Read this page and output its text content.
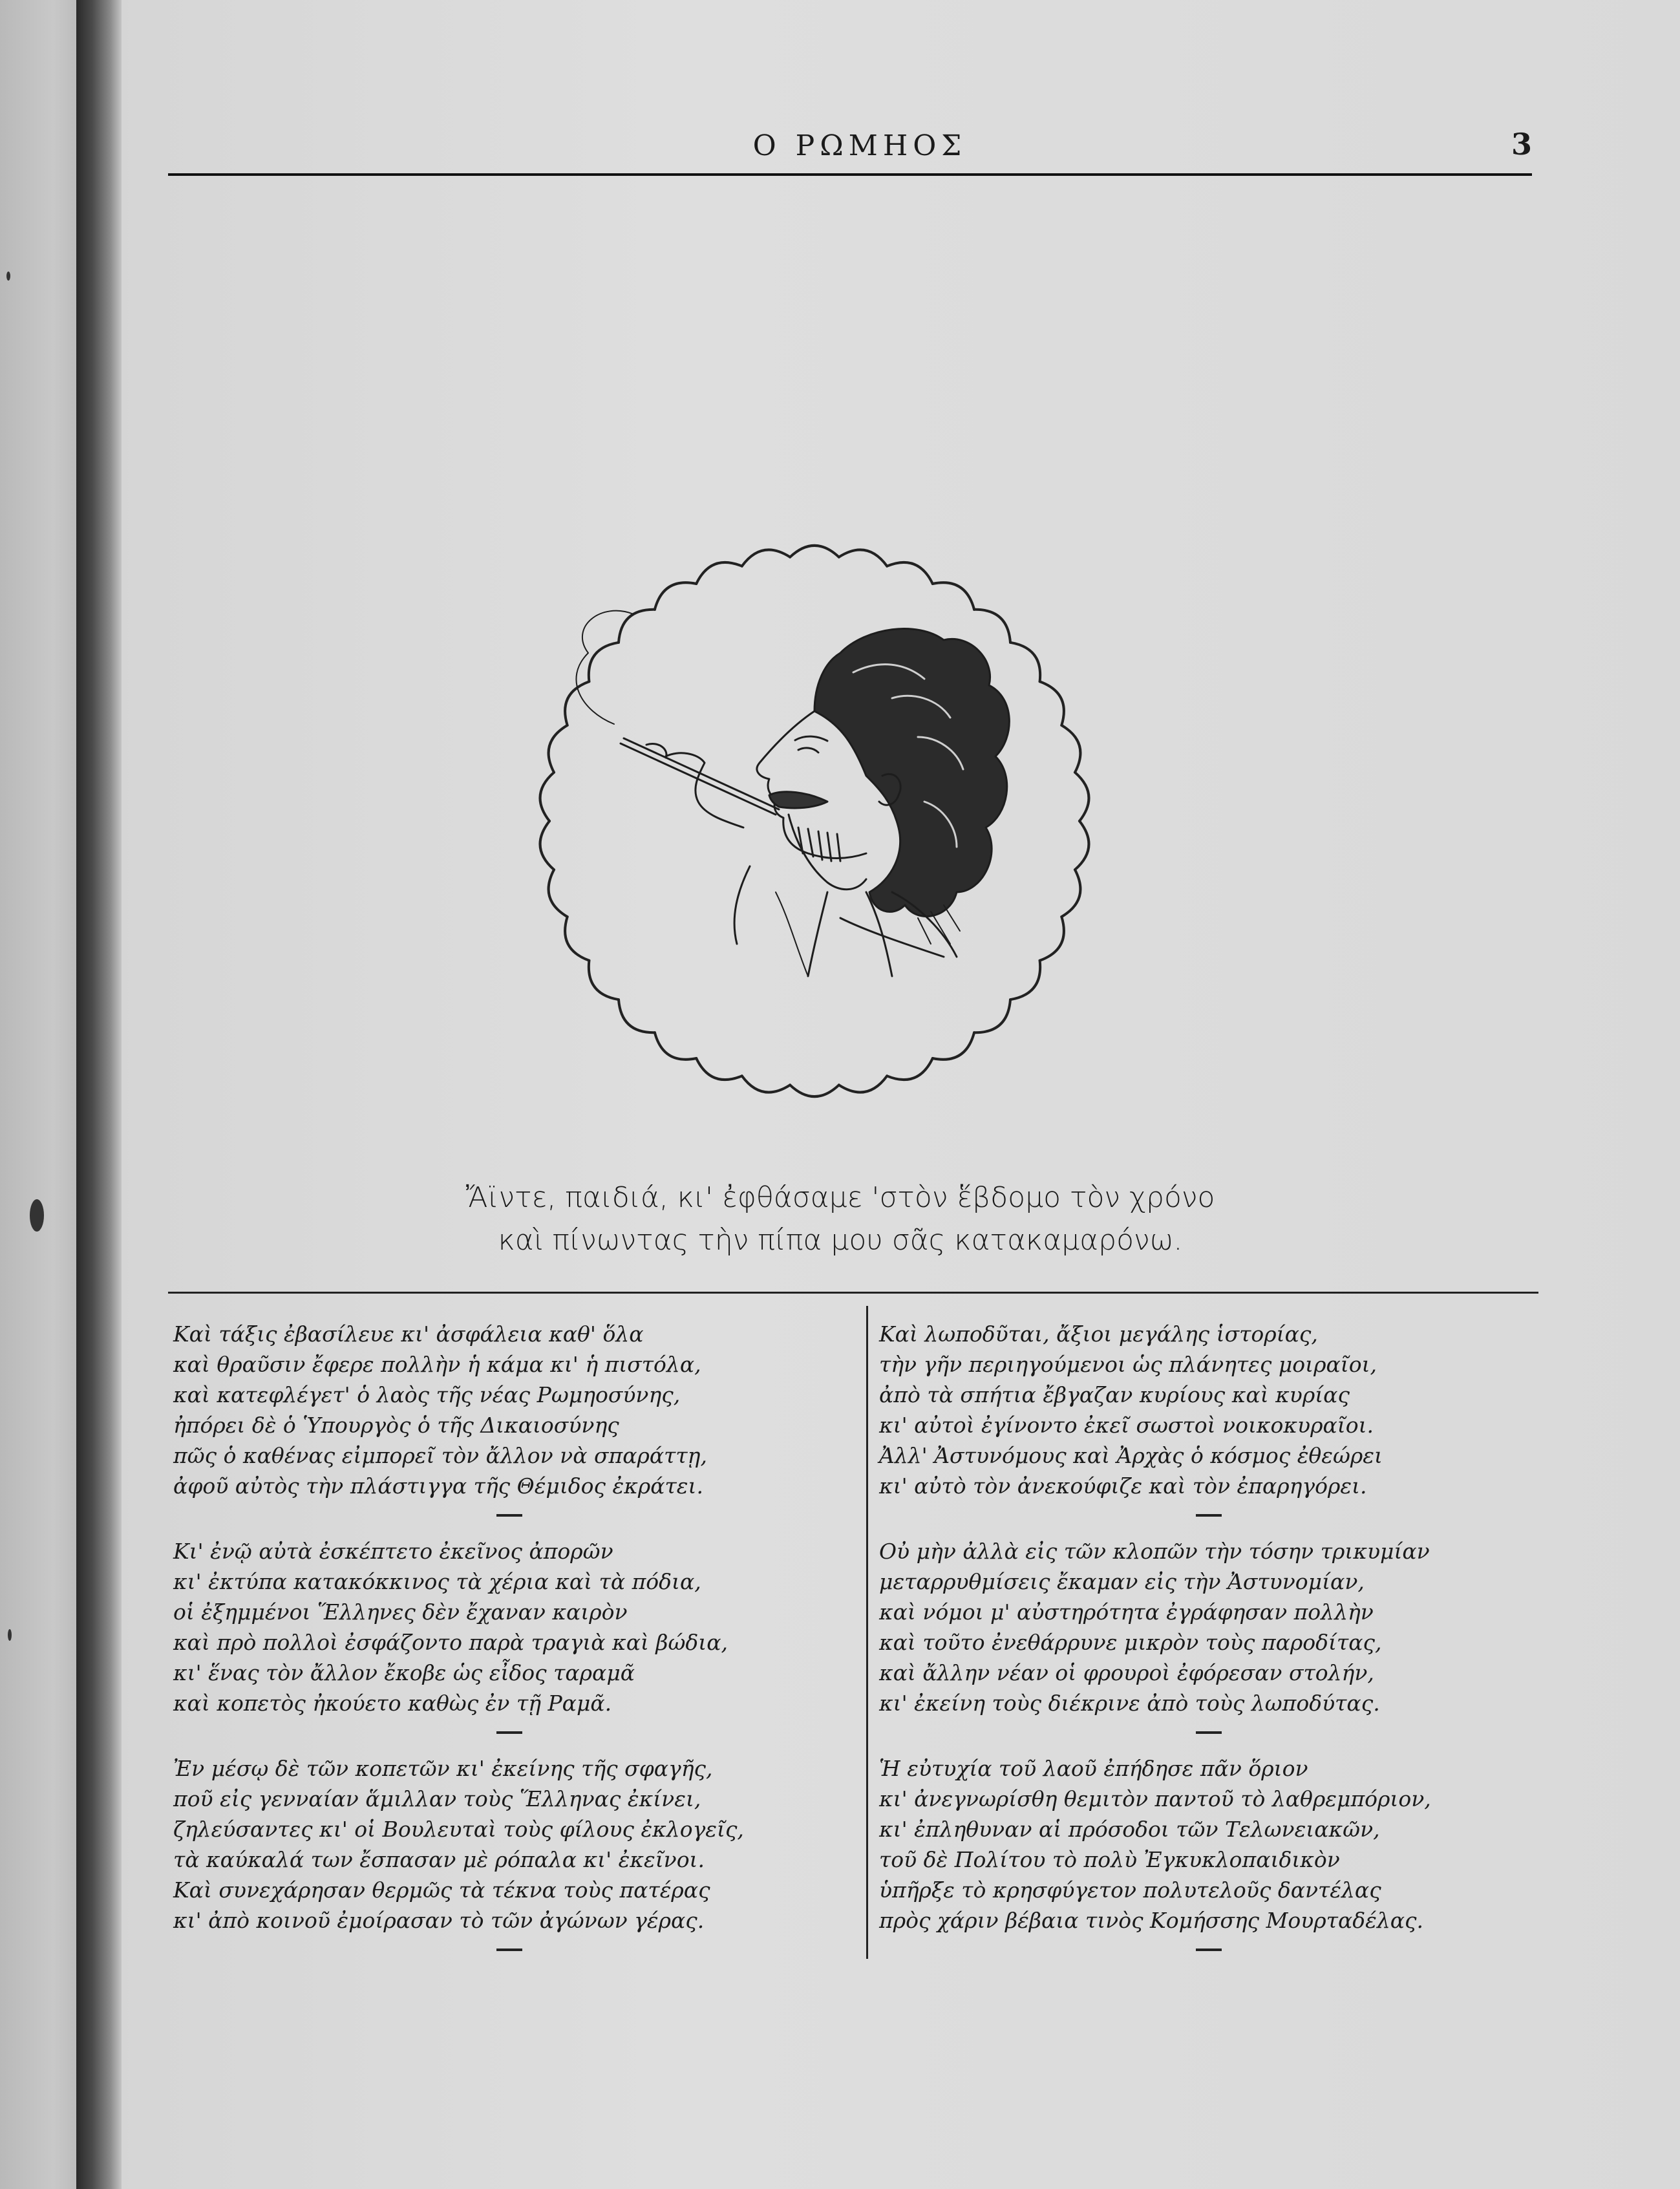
Ο ΡΩΜΗΟΣ	3
Ἄϊντε, παιδιά, κι' ἐφθάσαμε 'στὸν ἕβδομο τὸν χρόνο
καὶ πίνωντας τὴν πίπα μου σᾶς κατακαμαρόνω.
Καὶ τάξις ἐβασίλευε κι' ἀσφάλεια καθ' ὅλα
καὶ θραῦσιν ἔφερε πολλὴν ἡ κάμα κι' ἡ πιστόλα,
καὶ κατεφλέγετ' ὁ λαὸς τῆς νέας Ρωμηοσύνης,
ἠπόρει δὲ ὁ Ὑπουργὸς ὁ τῆς Δικαιοσύνης
πῶς ὁ καθένας εἰμπορεῖ τὸν ἄλλον νὰ σπαράττῃ,
ἀφοῦ αὐτὸς τὴν πλάστιγγα τῆς Θέμιδος ἐκράτει.
Κι' ἐνῷ αὐτὰ ἐσκέπτετο ἐκεῖνος ἀπορῶν
κι' ἐκτύπα κατακόκκινος τὰ χέρια καὶ τὰ πόδια,
οἱ ἐξημμένοι Ἕλληνες δὲν ἔχαναν καιρὸν
καὶ πρὸ πολλοὶ ἐσφάζοντο παρὰ τραγιὰ καὶ βώδια,
κι' ἕνας τὸν ἄλλον ἔκοβε ὡς εἶδος ταραμᾶ
καὶ κοπετὸς ἠκούετο καθὼς ἐν τῇ Ραμᾶ.
Ἐν μέσῳ δὲ τῶν κοπετῶν κι' ἐκείνης τῆς σφαγῆς,
ποῦ εἰς γενναίαν ἅμιλλαν τοὺς Ἕλληνας ἐκίνει,
ζηλεύσαντες κι' οἱ Βουλευταὶ τοὺς φίλους ἐκλογεῖς,
τὰ καύκαλά των ἔσπασαν μὲ ρόπαλα κι' ἐκεῖνοι.
Καὶ συνεχάρησαν θερμῶς τὰ τέκνα τοὺς πατέρας
κι' ἀπὸ κοινοῦ ἐμοίρασαν τὸ τῶν ἀγώνων γέρας.
Καὶ λωποδῦται, ἄξιοι μεγάλης ἱστορίας,
τὴν γῆν περιηγούμενοι ὡς πλάνητες μοιραῖοι,
ἀπὸ τὰ σπήτια ἔβγαζαν κυρίους καὶ κυρίας
κι' αὐτοὶ ἐγίνοντο ἐκεῖ σωστοὶ νοικοκυραῖοι.
Ἀλλ' Ἀστυνόμους καὶ Ἀρχὰς ὁ κόσμος ἐθεώρει
κι' αὐτὸ τὸν ἀνεκούφιζε καὶ τὸν ἐπαρηγόρει.
Οὐ μὴν ἀλλὰ εἰς τῶν κλοπῶν τὴν τόσην τρικυμίαν
μεταρρυθμίσεις ἔκαμαν εἰς τὴν Ἀστυνομίαν,
καὶ νόμοι μ' αὐστηρότητα ἐγράφησαν πολλὴν
καὶ τοῦτο ἐνεθάρρυνε μικρὸν τοὺς παροδίτας,
καὶ ἄλλην νέαν οἱ φρουροὶ ἐφόρεσαν στολήν,
κι' ἐκείνη τοὺς διέκρινε ἀπὸ τοὺς λωποδύτας.
Ἡ εὐτυχία τοῦ λαοῦ ἐπήδησε πᾶν ὅριον
κι' ἀνεγνωρίσθη θεμιτὸν παντοῦ τὸ λαθρεμπόριον,
κι' ἐπληθυναν αἱ πρόσοδοι τῶν Τελωνειακῶν,
τοῦ δὲ Πολίτου τὸ πολὺ Ἐγκυκλοπαιδικὸν
ὑπῆρξε τὸ κρησφύγετον πολυτελοῦς δαντέλας
πρὸς χάριν βέβαια τινὸς Κομήσσης Μουρταδέλας.
